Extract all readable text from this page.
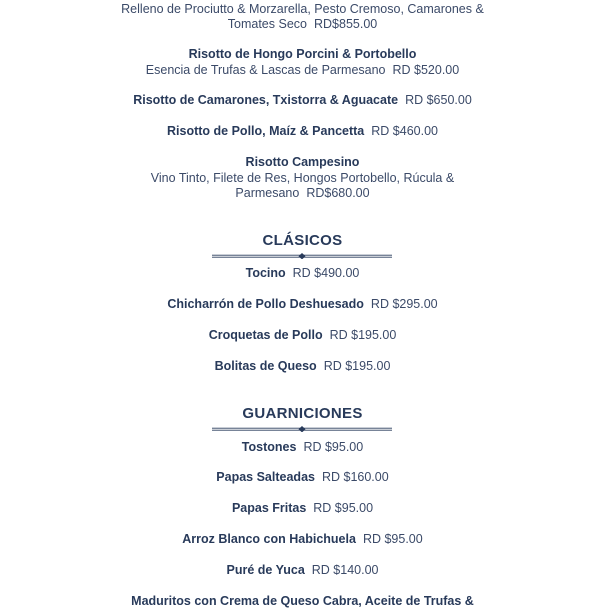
Relleno de Prociutto & Morzarella, Pesto Cremoso, Camarones &
Tomates Seco RD$855.00
Risotto de Hongo Porcini & Portobello
Esencia de Trufas & Lascas de Parmesano RD $520.00
Risotto de Camarones, Txistorra & Aguacate RD $650.00
Risotto de Pollo, Maíz & Pancetta RD $460.00
Risotto Campesino
Vino Tinto, Filete de Res, Hongos Portobello, Rúcula &
Parmesano RD$680.00
CLÁSICOS
Tocino RD $490.00
Chicharrón de Pollo Deshuesado RD $295.00
Croquetas de Pollo RD $195.00
Bolitas de Queso RD $195.00
GUARNICIONES
Tostones RD $95.00
Papas Salteadas RD $160.00
Papas Fritas RD $95.00
Arroz Blanco con Habichuela RD $95.00
Puré de Yuca RD $140.00
Maduritos con Crema de Queso Cabra, Aceite de Trufas &
